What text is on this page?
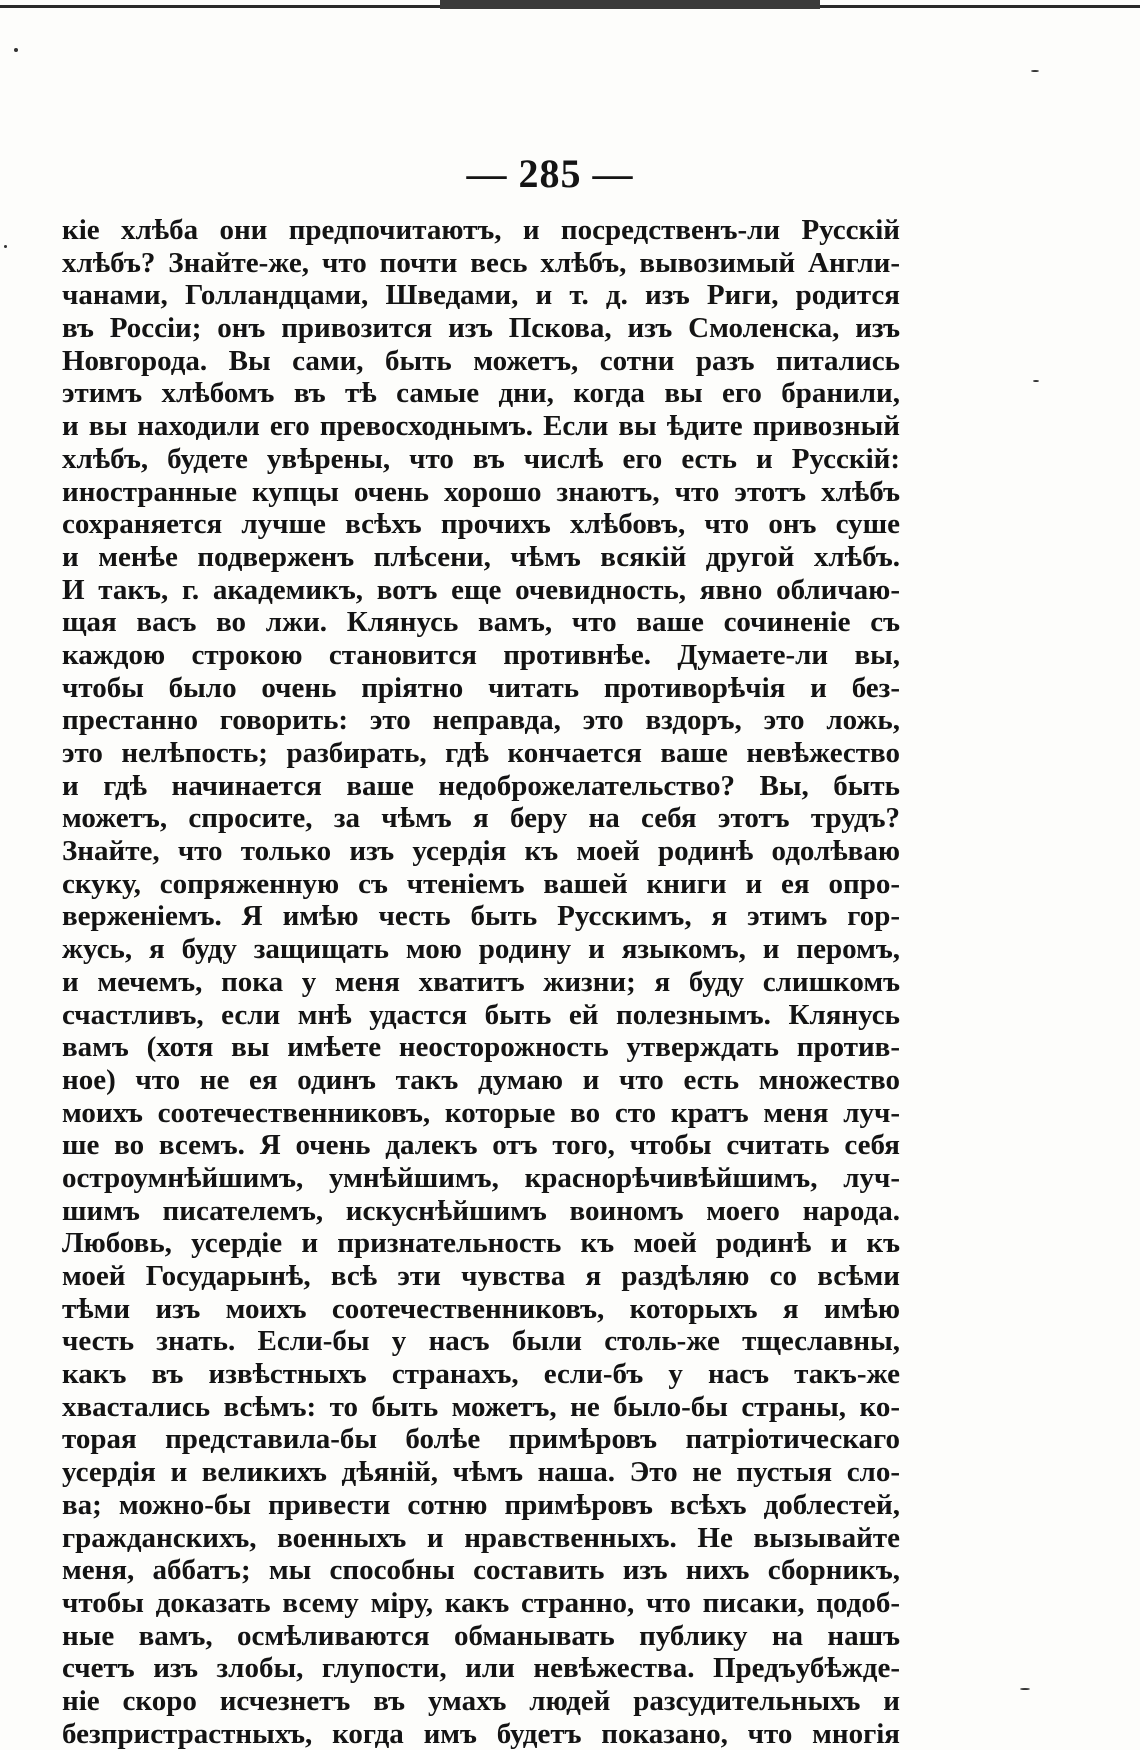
— 285 —
кіе хлѣба они предпочитаютъ, и посредственъ-ли Русскій
хлѣбъ? Знайте-же, что почти весь хлѣбъ, вывозимый Англи-
чанами, Голландцами, Шведами, и т. д. изъ Риги, родится
въ Россіи; онъ привозится изъ Пскова, изъ Смоленска, изъ
Новгорода. Вы сами, быть можетъ, сотни разъ питались
этимъ хлѣбомъ въ тѣ самые дни, когда вы его бранили,
и вы находили его превосходнымъ. Если вы ѣдите привозный
хлѣбъ, будете увѣрены, что въ числѣ его есть и Русскій:
иностранные купцы очень хорошо знаютъ, что этотъ хлѣбъ
сохраняется лучше всѣхъ прочихъ хлѣбовъ, что онъ суше
и менѣе подверженъ плѣсени, чѣмъ всякій другой хлѣбъ.
И такъ, г. академикъ, вотъ еще очевидность, явно обличаю-
щая васъ во лжи. Клянусь вамъ, что ваше сочиненіе съ
каждою строкою становится противнѣе. Думаете-ли вы,
чтобы было очень пріятно читать противорѣчія и без-
престанно говорить: это неправда, это вздоръ, это ложь,
это нелѣпость; разбирать, гдѣ кончается ваше невѣжество
и гдѣ начинается ваше недоброжелательство? Вы, быть
можетъ, спросите, за чѣмъ я беру на себя этотъ трудъ?
Знайте, что только изъ усердія къ моей родинѣ одолѣваю
скуку, сопряженную съ чтеніемъ вашей книги и ея опро-
верженіемъ. Я имѣю честь быть Русскимъ, я этимъ гор-
жусь, я буду защищать мою родину и языкомъ, и перомъ,
и мечемъ, пока у меня хватитъ жизни; я буду слишкомъ
счастливъ, если мнѣ удастся быть ей полезнымъ. Клянусь
вамъ (хотя вы имѣете неосторожность утверждать против-
ное) что не ея одинъ такъ думаю и что есть множество
моихъ соотечественниковъ, которые во сто кратъ меня луч-
ше во всемъ. Я очень далекъ отъ того, чтобы считать себя
остроумнѣйшимъ, умнѣйшимъ, краснорѣчивѣйшимъ, луч-
шимъ писателемъ, искуснѣйшимъ воиномъ моего народа.
Любовь, усердіе и признательность къ моей родинѣ и къ
моей Государынѣ, всѣ эти чувства я раздѣляю со всѣми
тѣми изъ моихъ соотечественниковъ, которыхъ я имѣю
честь знать. Если-бы у насъ были столь-же тщеславны,
какъ въ извѣстныхъ странахъ, если-бъ у насъ такъ-же
хвастались всѣмъ: то быть можетъ, не было-бы страны, ко-
торая представила-бы болѣе примѣровъ патріотическаго
усердія и великихъ дѣяній, чѣмъ наша. Это не пустыя сло-
ва; можно-бы привести сотню примѣровъ всѣхъ доблестей,
гражданскихъ, военныхъ и нравственныхъ. Не вызывайте
меня, аббатъ; мы способны составить изъ нихъ сборникъ,
чтобы доказать всему міру, какъ странно, что писаки, подоб-
ные вамъ, осмѣливаются обманывать публику на нашъ
счетъ изъ злобы, глупости, или невѣжества. Предъубѣжде-
ніе скоро исчезнетъ въ умахъ людей разсудительныхъ и
безпристрастныхъ, когда имъ будетъ показано, что многія
